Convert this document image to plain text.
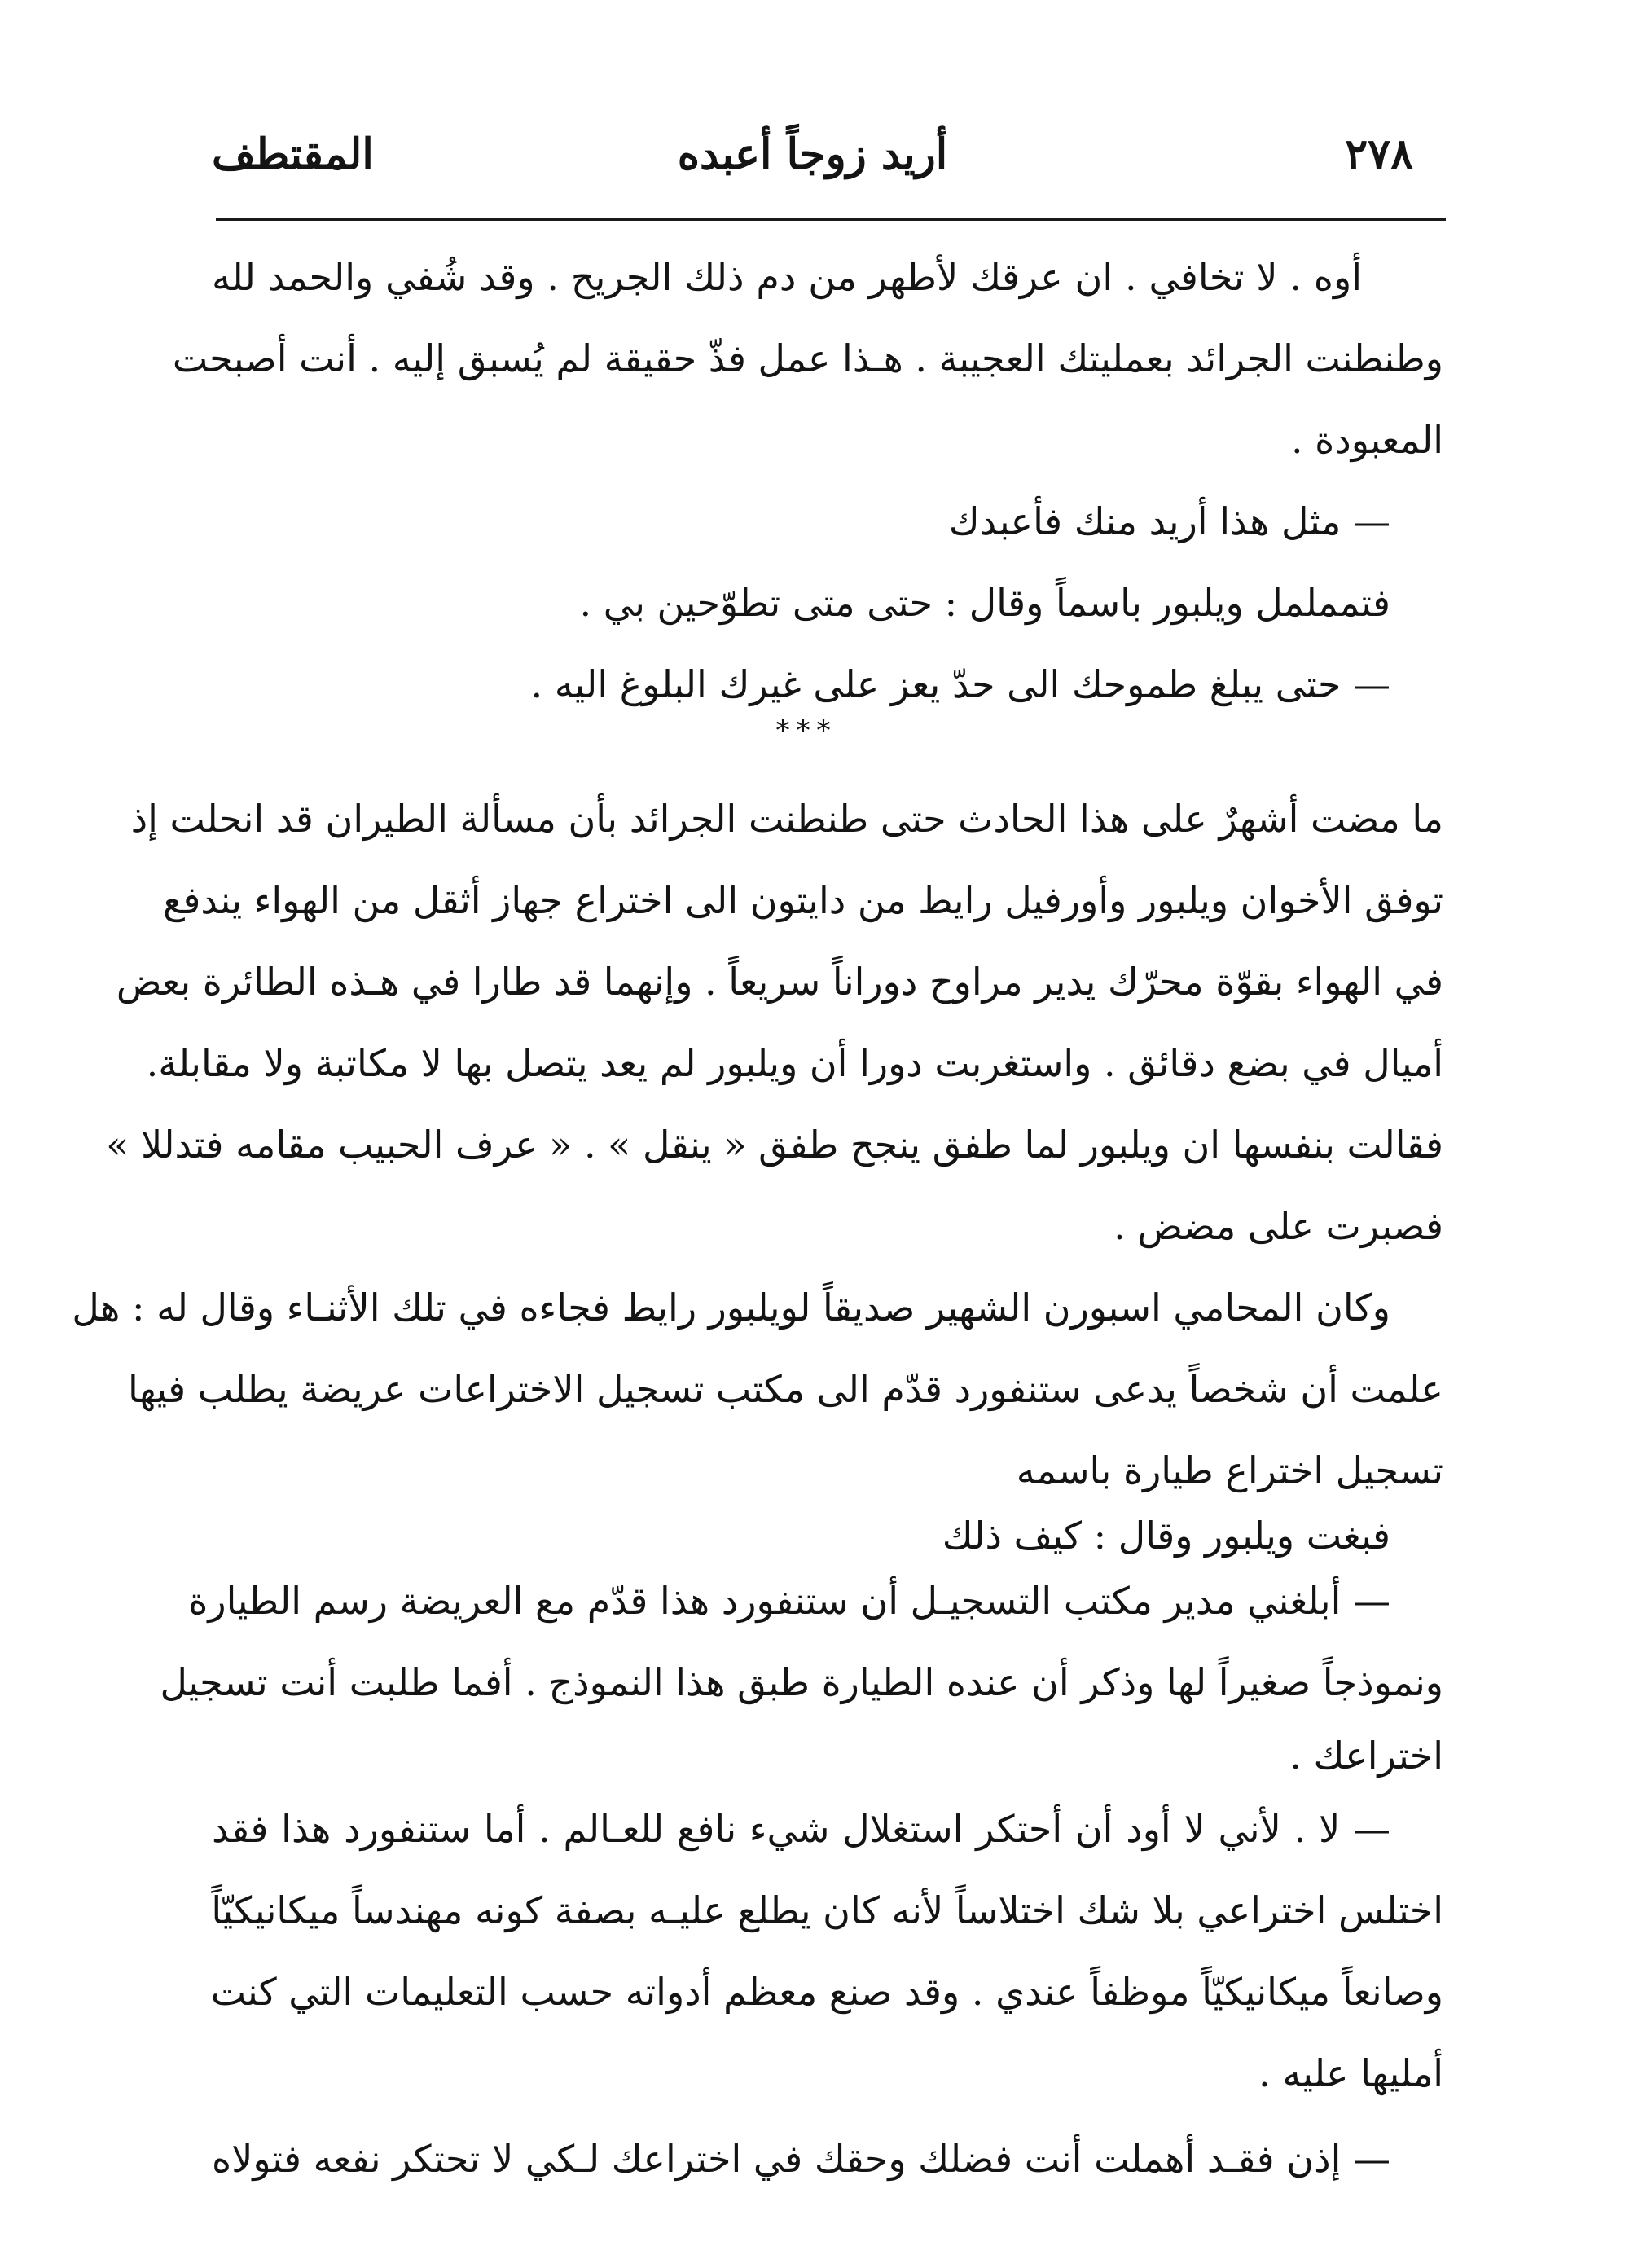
٢٧٨
أريد زوجاً أعبده
المقتطف
أوه . لا تخافي . ان عرقك لأطهر من دم ذلك الجريح . وقد شُفي والحمد لله
وطنطنت الجرائد بعمليتك العجيبة . هـذا عمل فذّ حقيقة لم يُسبق إليه . أنت أصبحت
المعبودة .
— مثل هذا أريد منك فأعبدك
فتمململ ويلبور باسماً وقال : حتى متى تطوّحين بي .
— حتى يبلغ طموحك الى حدّ يعز على غيرك البلوغ اليه .
ما مضت أشهرٌ على هذا الحادث حتى طنطنت الجرائد بأن مسألة الطيران قد انحلت إذ
توفق الأخوان ويلبور وأورفيل رايط من دايتون الى اختراع جهاز أثقل من الهواء يندفع
في الهواء بقوّة محرّك يدير مراوح دوراناً سريعاً . وإنهما قد طارا في هـذه الطائرة بعض
أميال في بضع دقائق . واستغربت دورا أن ويلبور لم يعد يتصل بها لا مكاتبة ولا مقابلة.
فقالت بنفسها ان ويلبور لما طفق ينجح طفق « ينقل » . « عرف الحبيب مقامه فتدللا »
فصبرت على مضض .
وكان المحامي اسبورن الشهير صديقاً لويلبور رايط فجاءه في تلك الأثنـاء وقال له : هل
علمت أن شخصاً يدعى ستنفورد قدّم الى مكتب تسجيل الاختراعات عريضة يطلب فيها
تسجيل اختراع طيارة باسمه
فبغت ويلبور وقال : كيف ذلك
— أبلغني مدير مكتب التسجيـل أن ستنفورد هذا قدّم مع العريضة رسم الطيارة
ونموذجاً صغيراً لها وذكر أن عنده الطيارة طبق هذا النموذج . أفما طلبت أنت تسجيل
اختراعك .
— لا . لأني لا أود أن أحتكر استغلال شيء نافع للعـالم . أما ستنفورد هذا فقد
اختلس اختراعي بلا شك اختلاساً لأنه كان يطلع عليـه بصفة كونه مهندساً ميكانيكيّاً
وصانعاً ميكانيكيّاً موظفاً عندي . وقد صنع معظم أدواته حسب التعليمات التي كنت
أمليها عليه .
— إذن فقـد أهملت أنت فضلك وحقك في اختراعك لـكي لا تحتكر نفعه فتولاه
***
